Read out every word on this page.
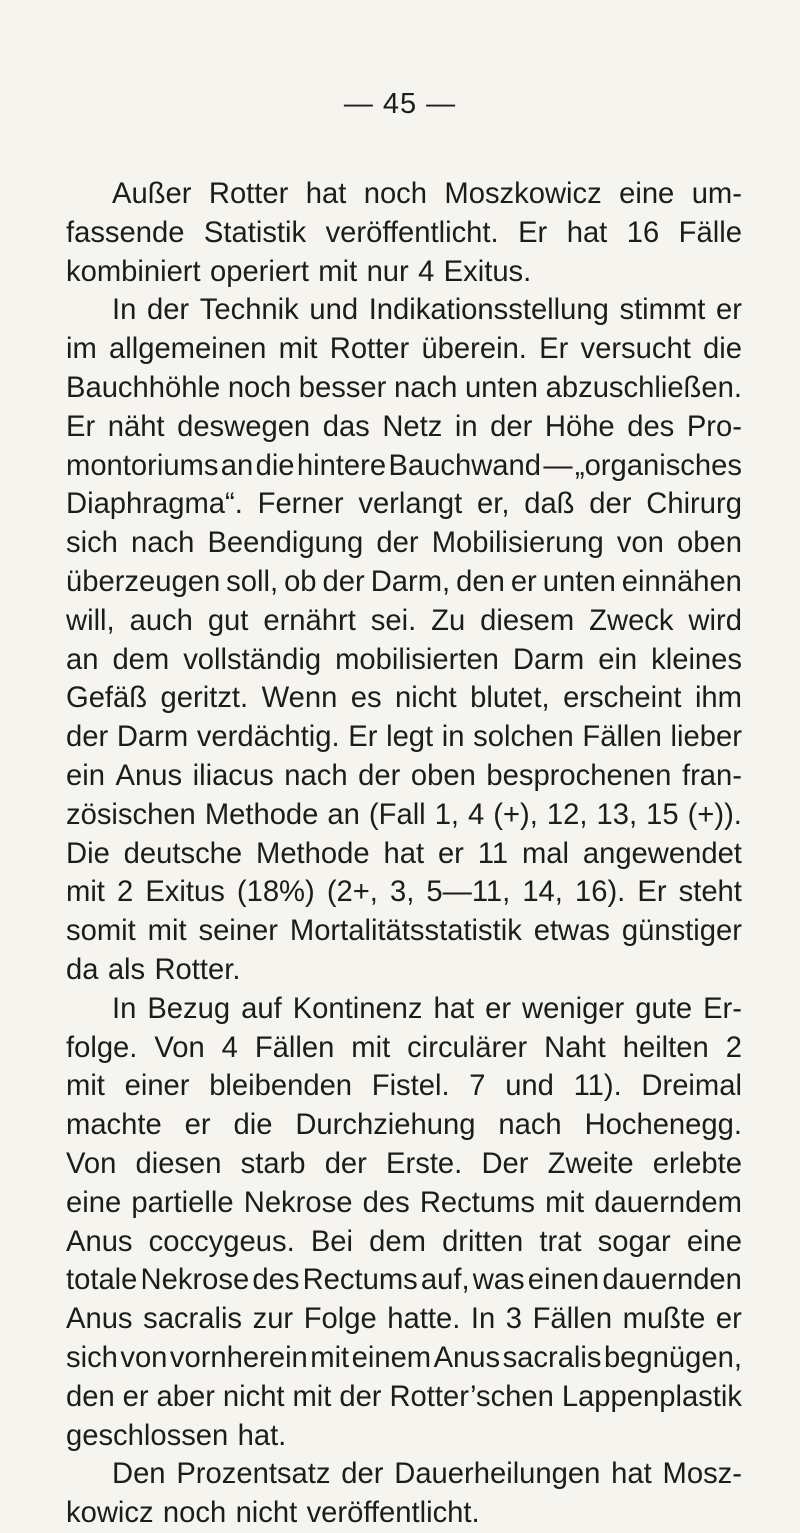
— 45 —
Außer Rotter hat noch Moszkowicz eine um-
fassende Statistik veröffentlicht. Er hat 16 Fälle
kombiniert operiert mit nur 4 Exitus.
In der Technik und Indikationsstellung stimmt er
im allgemeinen mit Rotter überein. Er versucht die
Bauchhöhle noch besser nach unten abzuschließen.
Er näht deswegen das Netz in der Höhe des Pro-
montoriums an die hintere Bauchwand — „organisches
Diaphragma“. Ferner verlangt er, daß der Chirurg
sich nach Beendigung der Mobilisierung von oben
überzeugen soll, ob der Darm, den er unten einnähen
will, auch gut ernährt sei. Zu diesem Zweck wird
an dem vollständig mobilisierten Darm ein kleines
Gefäß geritzt. Wenn es nicht blutet, erscheint ihm
der Darm verdächtig. Er legt in solchen Fällen lieber
ein Anus iliacus nach der oben besprochenen fran-
zösischen Methode an (Fall 1, 4 (+), 12, 13, 15 (+)).
Die deutsche Methode hat er 11 mal angewendet
mit 2 Exitus (18%) (2+, 3, 5—11, 14, 16). Er steht
somit mit seiner Mortalitätsstatistik etwas günstiger
da als Rotter.
In Bezug auf Kontinenz hat er weniger gute Er-
folge. Von 4 Fällen mit circulärer Naht heilten 2
mit einer bleibenden Fistel. 7 und 11). Dreimal
machte er die Durchziehung nach Hochenegg.
Von diesen starb der Erste. Der Zweite erlebte
eine partielle Nekrose des Rectums mit dauerndem
Anus coccygeus. Bei dem dritten trat sogar eine
totale Nekrose des Rectums auf, was einen dauernden
Anus sacralis zur Folge hatte. In 3 Fällen mußte er
sich von vornherein mit einem Anus sacralis begnügen,
den er aber nicht mit der Rotter’schen Lappenplastik
geschlossen hat.
Den Prozentsatz der Dauerheilungen hat Mosz-
kowicz noch nicht veröffentlicht.
